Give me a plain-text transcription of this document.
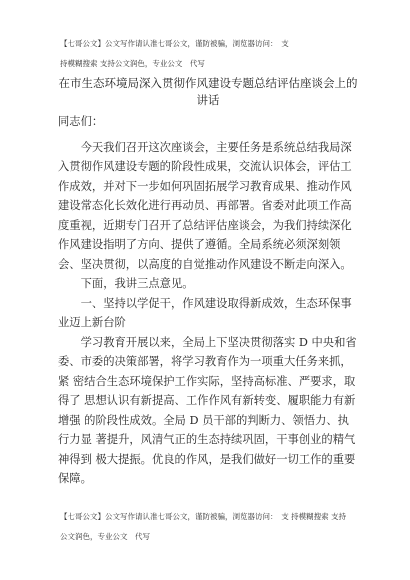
【七哥公文】公文写作请认准七哥公文，谨防被骗，浏览器访问：　支
持模糊搜索 支持公文润色，专业公文　代写
在市生态环境局深入贯彻作风建设专题总结评估座谈会上的讲话

同志们：

今天我们召开这次座谈会，主要任务是系统总结我局深入贯彻作风建设专题的阶段性成果，交流认识体会，评估工作成效，并对下一步如何巩固拓展学习教育成果、推动作风建设常态化长效化进行再动员、再部署。省委对此项工作高度重视，近期专门召开了总结评估座谈会，为我们持续深化作风建设指明了方向、提供了遵循。全局系统必须深刻领会、坚决贯彻，以高度的自觉推动作风建设不断走向深入。

下面，我讲三点意见。

一、坚持以学促干，作风建设取得新成效，生态环保事业迈上新台阶

学习教育开展以来，全局上下坚决贯彻落实 D 中央和省 委、市委的决策部署，将学习教育作为一项重大任务来抓，紧 密结合生态环境保护工作实际，坚持高标准、严要求，取得了 思想认识有新提高、工作作风有新转变、履职能力有新增强 的阶段性成效。全局 D 员干部的判断力、领悟力、执行力显 著提升，风清气正的生态持续巩固，干事创业的精气神得到 极大提振。优良的作风，是我们做好一切工作的重要保障。

【七哥公文】公文写作请认准七哥公文，谨防被骗，浏览器访问：　支 持模糊搜索 支持
公文润色，专业公文　代写
